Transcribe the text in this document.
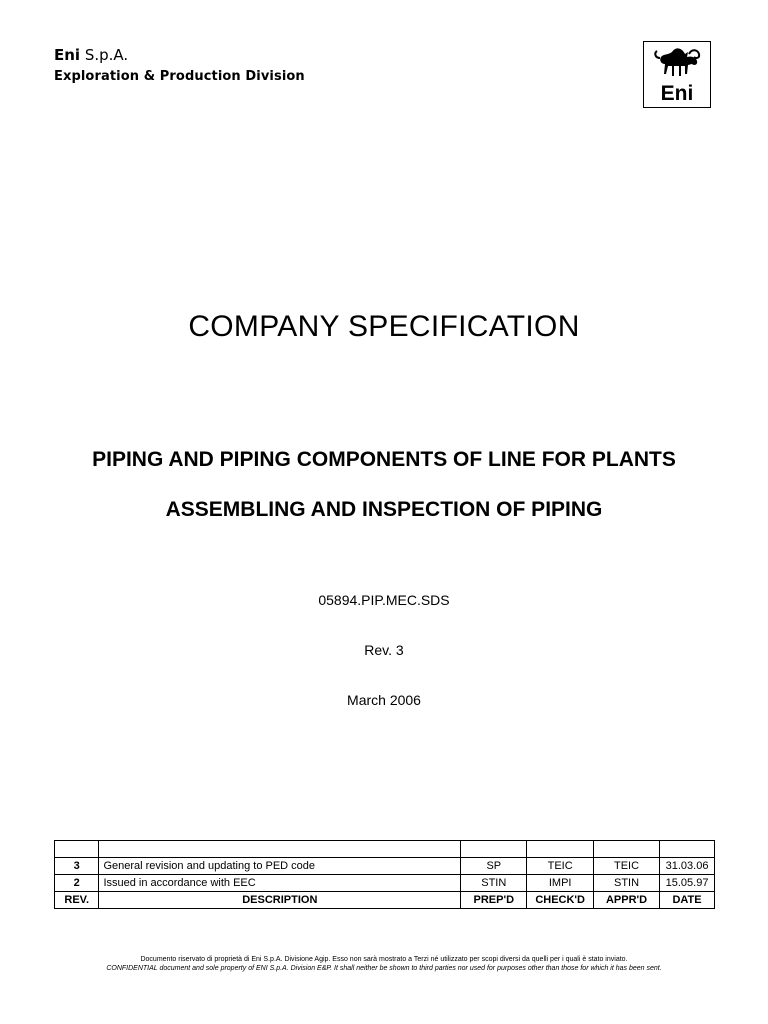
Eni S.p.A.
Exploration & Production Division
Eni
COMPANY SPECIFICATION
PIPING AND PIPING COMPONENTS OF LINE FOR PLANTS
ASSEMBLING AND INSPECTION OF PIPING
05894.PIP.MEC.SDS
Rev. 3
March 2006

3	General revision and updating to PED code	SP	TEIC	TEIC	31.03.06
2	Issued in accordance with EEC	STIN	IMPI	STIN	15.05.97
REV.	DESCRIPTION	PREP'D	CHECK'D	APPR'D	DATE
Documento riservato di proprietà di Eni S.p.A. Divisione Agip. Esso non sarà mostrato a Terzi né utilizzato per scopi diversi da quelli per i quali è stato inviato.
CONFIDENTIAL document and sole property of ENI S.p.A. Division E&P. It shall neither be shown to third parties nor used for purposes other than those for which it has been sent.
